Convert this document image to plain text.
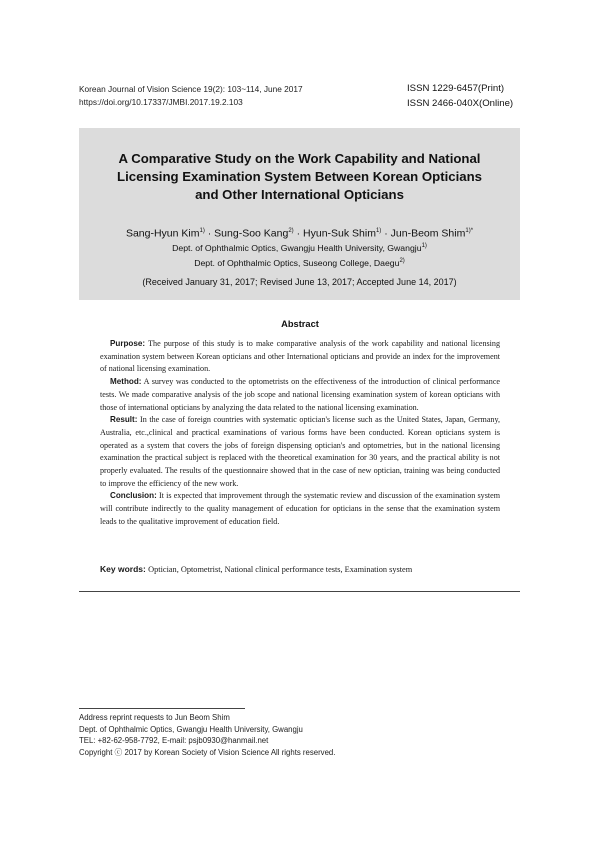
Korean Journal of Vision Science 19(2): 103~114, June 2017
https://doi.org/10.17337/JMBI.2017.19.2.103
ISSN 1229-6457(Print)
ISSN 2466-040X(Online)
A Comparative Study on the Work Capability and National
Licensing Examination System Between Korean Opticians
and Other International Opticians
Sang-Hyun Kim$^{1)}$ · Sung-Soo Kang$^{2)}$ · Hyun-Suk Shim$^{1)}$ · Jun-Beom Shim$^{1)*}$
Dept. of Ophthalmic Optics, Gwangju Health University, Gwangju$^{1)}$
Dept. of Ophthalmic Optics, Suseong College, Daegu$^{2)}$
(Received January 31, 2017; Revised June 13, 2017; Accepted June 14, 2017)
Abstract

Purpose: The purpose of this study is to make comparative analysis of the work capability and national licensing examination system between Korean opticians and other International opticians and provide an index for the improvement of national licensing examination.

Method: A survey was conducted to the optometrists on the effectiveness of the introduction of clinical performance tests. We made comparative analysis of the job scope and national licensing examination system of korean opticians with those of international opticians by analyzing the data related to the national licensing examination.

Result: In the case of foreign countries with systematic optician's license such as the United States, Japan, Germany, Australia, etc.,clinical and practical examinations of various forms have been conducted. Korean opticians system is operated as a system that covers the jobs of foreign dispensing optician's and optometries, but in the national licensing examination the practical subject is replaced with the theoretical examination for 30 years, and the practical ability is not properly evaluated. The results of the questionnaire showed that in the case of new optician, training was being conducted to improve the efficiency of the new work.

Conclusion: It is expected that improvement through the systematic review and discussion of the examination system will contribute indirectly to the quality management of education for opticians in the sense that the examination system leads to the qualitative improvement of education field.

Key words: Optician, Optometrist, National clinical performance tests, Examination system
Address reprint requests to Jun Beom Shim
Dept. of Ophthalmic Optics, Gwangju Health University, Gwangju
TEL: +82-62-958-7792, E-mail: psjb0930@hanmail.net
Copyright ⓒ 2017 by Korean Society of Vision Science All rights reserved.
